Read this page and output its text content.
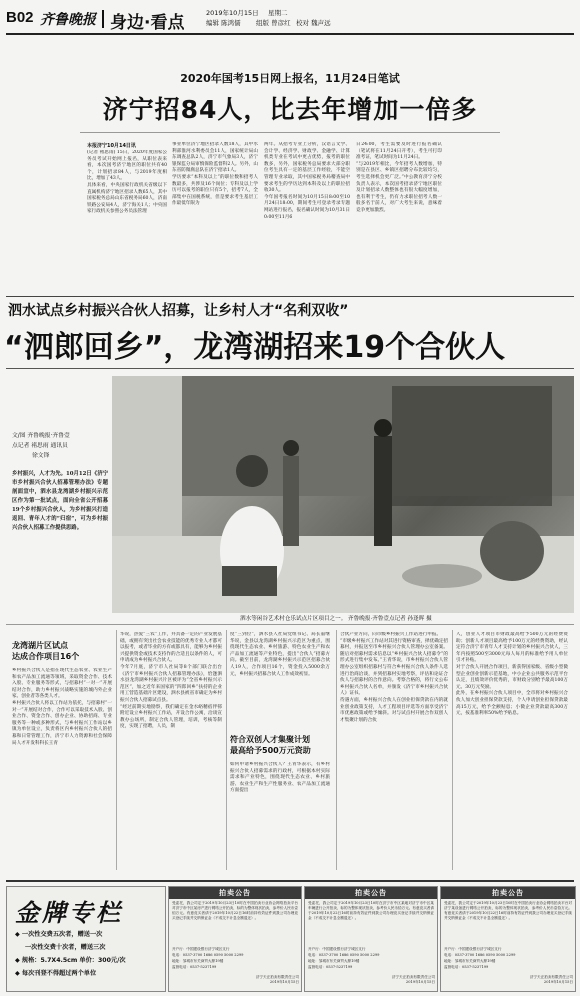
B02 齐鲁晚报 身边·看点	2019年10月15日 星期二
编辑 陈鸿儒 组版 曾彦红 校对 魏声远
2020年国考15日网上报名，11月24日笔试
济宁招84人，比去年增加一倍多
本报济宁10月14日讯
(记者 褚思雨) 15日，2020年度国家公务员考试开始网上报名，从职位表来看，本次国考济宁地区的职位共有40个，计划招录84人，与2019年度相比，增加了43人。
具体来看，中央国家行政机关省级以下直属机构济宁地区招录人数65人，其中国家税务总局山东省税务局60人，济南铁路公安局4人，济宁海关1人；中央国家行政机关参照公务员法管理
事业单位济宁地区招录人数18人，其中水利部淮河水利委员会11人，国家统计局山东调查总队2人，济宁市气象局3人，济宁银保监分局审慎保险监督科2人。另外，山东省防微腐总队在济宁招录1人。
学历要求“本科及以上”的职位数和招考人数最多，共涉及16个岗位；专科及以上学历可以报考的职位只有5个，招考7人，全部集中在国税系统，但是要求考生基层工作最低年限为
两年。从招考专业上分析，汉语言文学、会计学、经济学、财政学、金融学、计算机类专业在考试中更占优势，报考的职位数多，另外，国家税务总局要求大部分职位考生具有一定的基层工作经验，不能空管理专业录取，其中国家税务局稽查局中要求考生的学历达到本科及以上的职位招收30人。
今年国考报名时间为10月15日8:00至10月24日18:00，期间考生可登录考录专题网站进行报名，报名确认时间为10月31日0:00至11月6
日24:00，考生需要及时进行报名确认（笔试将在11月24日开考），考生可打印准考证，笔试时间为11月24日。
“与2019年相比，今年招考人数增加，特别是在县区、乡镇区招聘分布比较均匀，考生选择机会更广泛。”中公教育济宁分校负责人表示，本次国考招录济宁地区职位及计划招录人数整体也有很大幅度增加，也有利于考生，仍有力求职位招考人数一般多名于前人，对广大考生来说，意味着竞争更加激烈。
泗水试点乡村振兴合伙人招募，让乡村人才“名利双收”
“泗郎回乡”，龙湾湖招来19个合伙人
文/图 齐鲁晚报·齐鲁壹
点记者 褚思雨 通讯员
徐文锋
乡村振兴，人才为先。10月12日《济宁市乡村振兴合伙人招募管理办法》专题剖面宣中，泗水县龙湾湖乡村振兴示范区作为第一批试点，面向全省公开招募19个乡村振兴合伙人，为乡村振兴打造返回、青年人才的“归宿”，可为乡村振兴合伙人招募工作提供思路。
泗水等闲谷艺术村仓乐试点片区项目之一。 齐鲁晚报·齐鲁壹点记者 孙逢晖 摄
龙湾湖片区试点
达成合作项目16个
乡村振兴合伙人是指在现代生态农业、农业生产和农产品加工流通等领域，采取资金合作、技术入股、专业服务等形式，与招募村“一对一”开展结对合作，助力乡村振兴战略实施的城内外企业家、创业者等各类人才。
乡村振兴合伙人将以工作站为依托，与招募村“一对一”开展结对合作，合作可以采取技术入股、创业合作、资金合作、创办企业、协助招商、专业服务等一种或多种形式，与乡村振兴工作站以乡镇为单位设立，负责将区内乡村振兴合伙人的招募和日常管理工作，济宁市人力资源和社会保障局人才开发科科长王青
华说，热爱“三农”工作，并具备一定的产业发展基础，或拥有突出社会农业技能的优秀专业人才都可以报考，或者毕业的方有或都具有，能够为乡村振兴提供资金或技术支持作的合适且以条件的人，可申请成为乡村振兴合伙人。
今年7月底，济宁市人社局等8个部门联合出台《济宁市乡村振兴合伙人招募管理办法》，恰逢泗水县龙湾湖乡村振兴片区被评为“全省乡村振兴示范区”，加之近年来国家的“四郎回乡”扶持的企业用工营造基础片区建设，泗水县被省市确定为乡村振兴合伙人招募试点县。
“经过前期实地勘察，我们确定在金水峪精宿伴邨附近设立乡村振兴工作站，开设合作公寓，洽谈宣教办公场所，制定合伙人管理，培训，考核等制度，实现了招聘，人员，制
度“三到位”，泗水县人社局党组书记、局长董继华说，金县以龙湾湖乡村振兴示范区为重点，围绕现代生态农业、乡村旅游、特色农业生产和农产品加工流通等产业特色，提出“合伙人”招募方向。截至目前，龙湾湖乡村振兴示范区招募合伙人19人，合作项目16个，资金投入5000余万元，乡村振兴招募合伙人工作成效初显。
符合双创人才集聚计划
最高给予500万元资助
如何申请乡村振兴合伙人？王青华表示，有乡村振兴合伙人招募需求的行政村，可根据本村实际需求和产业特色，围绕现代生态农业、乡村旅游、农业生产和生产性服务业、农产品加工流通方面提出
合伙产业方向，向市级乡村振兴工作站进行申报。
“市级乡村振兴工作站对其进行资格审查，择优确定招募村，并报送至市乡村振兴合伙人管理办公室备案。随后对招募村需求信息以“乡村振兴合伙人招募令”的形式进行集中发布。”王青华说，市乡村振兴合伙人管理办公室组织招募村与符合乡村振兴合伙人条件人选进行治商洽谈，并到招募村实地考察，评估和论证合伙人与招募村的合作意向。考察合格的，将行文公布乡村振兴合伙人名单，并颁发《济宁市乡村振兴合伙人》证书。
待遇方面，乡村振兴合伙人在创业担保贷款在内的就业创业政策支持，人才工程项目评选等方面享受济宁市优惠政策或给予倾斜。对与试点村开展合作双创人才集聚计划的合伙
人，创业人才项目市财政最高给予500万元的经费资助；创新人才项目最高给予100万元的经费资助，经认定符合济宁市青年人才支持计划的乡村振兴合伙人，三年内按照500至3000元每人每月的标准给予用人单位引才补贴。
对于合伙人开展合作项目，新获得国家级、省级小型微型企业创业创新示范基地，中小企业公共服务示范平台认定，且绩效评价优秀的，市财政分别给予最高100万元、30万元奖励。
此外，在乡村振兴合伙人项目中，全市将对乡村振兴合伙人加大创业担保贷款支持，个人申请创业担保贷款最高15万元，给予全额贴息；小微企业贷款最高300万元，按基准利率50%给予贴息。
金牌专栏
◆ 一次性交费五次者，赠送一次
一次性交费十次者，赠送三次
◆ 规格：5.7X4.5cm 单价：300元/次
◆ 每次刊登不得超过两个单位
拍卖公告
受委托，我公司定于2019年10月23日10时在中国拍卖行业协会网络拍卖平台对济宁市中区某房产进行网络公开拍卖，标的为整体现状拍卖，参考价人民币壹佰万元。有意竞买者请于2019年10月22日16时前持有效证件到我公司办理竞买登记手续并交纳保证金（不成交不计息全额退还）。
开户行：中国建设银行济宁城区支行
电话：0537-3700 1686 0590 5000 2299
地址：邹城市东关商贸大厦19楼
监督电话：0537-5237199
济宁天正拍卖有限责任公司
2019年10月15日
拍卖公告
受委托，我公司定于2019年10月23日10时在济宁市中区某地对济宁市中区某车辆进行公开拍卖，标的为整体现状拍卖，参考价人民币拾万元。有意竞买者请于2019年10月22日16时前持有效证件到我公司办理竞买登记手续并交纳保证金（不成交不计息全额退还）。
开户行：中国建设银行济宁城区支行
电话：0537-3700 1686 0590 5000 2299
地址：邹城市东关商贸大厦19楼
监督电话：0537-5237199
济宁天正拍卖有限责任公司
2019年10月15日
拍卖公告
受委托，我公司定于2019年10月23日10时在中国拍卖行业协会网络拍卖平台对济宁某设备进行网络公开拍卖，标的为整体现状拍卖，参考价人民币壹拾万元。有意竞买者请于2019年10月22日16时前持有效证件到我公司办理竞买登记手续并交纳保证金（不成交不计息全额退还）。
开户行：中国建设银行济宁城区支行
电话：0537-3700 1686 0590 5000 2299
地址：邹城市东关商贸大厦19楼
监督电话：0537-5237199
济宁天正拍卖有限责任公司
2019年10月15日
